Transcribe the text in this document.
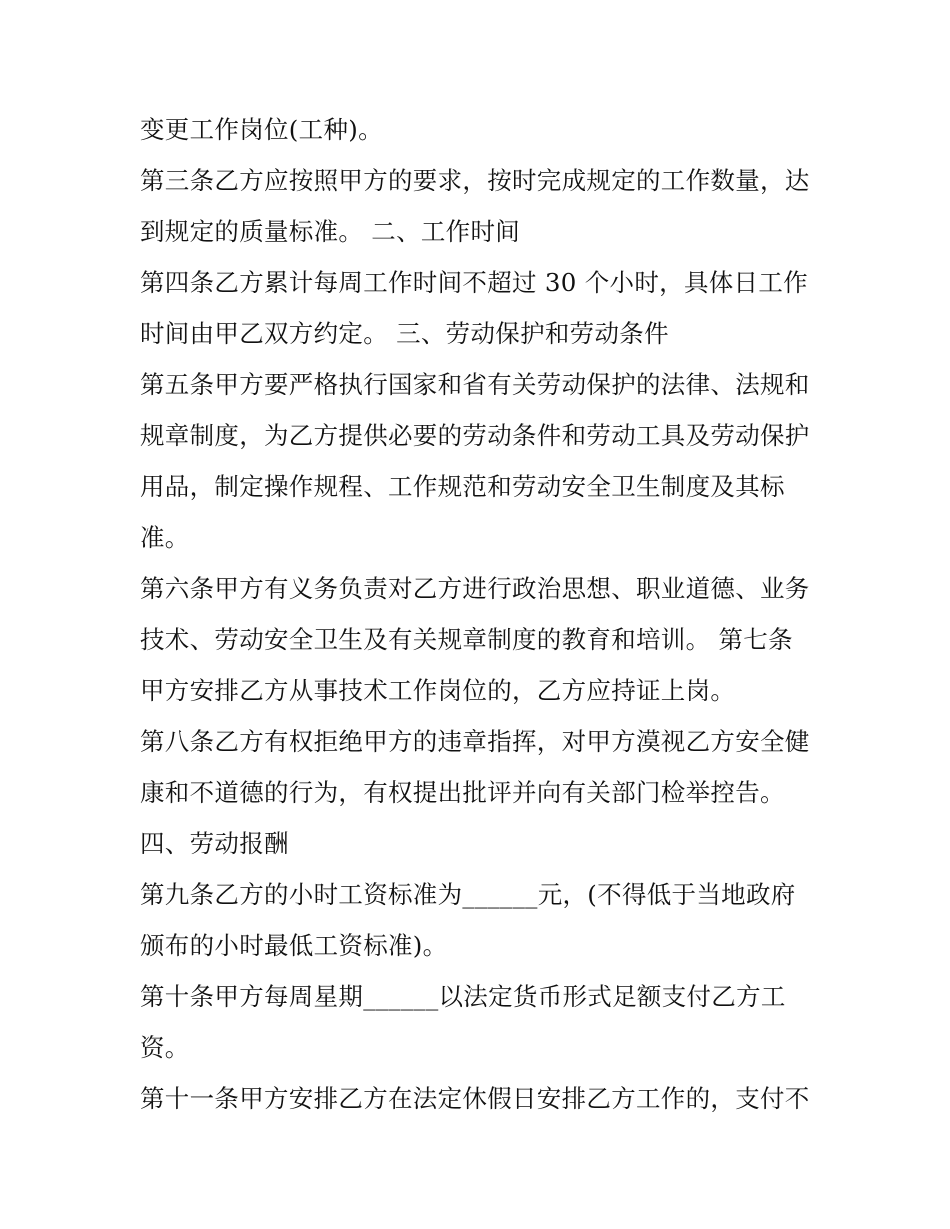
变更工作岗位(工种)。
第三条乙方应按照甲方的要求，按时完成规定的工作数量，达
到规定的质量标准。 二、工作时间
第四条乙方累计每周工作时间不超过 30 个小时，具体日工作
时间由甲乙双方约定。 三、劳动保护和劳动条件
第五条甲方要严格执行国家和省有关劳动保护的法律、法规和
规章制度，为乙方提供必要的劳动条件和劳动工具及劳动保护
用品，制定操作规程、工作规范和劳动安全卫生制度及其标
准。
第六条甲方有义务负责对乙方进行政治思想、职业道德、业务
技术、劳动安全卫生及有关规章制度的教育和培训。 第七条
甲方安排乙方从事技术工作岗位的，乙方应持证上岗。
第八条乙方有权拒绝甲方的违章指挥，对甲方漠视乙方安全健
康和不道德的行为，有权提出批评并向有关部门检举控告。
四、劳动报酬
第九条乙方的小时工资标准为______元，(不得低于当地政府
颁布的小时最低工资标准)。
第十条甲方每周星期______以法定货币形式足额支付乙方工
资。
第十一条甲方安排乙方在法定休假日安排乙方工作的，支付不
